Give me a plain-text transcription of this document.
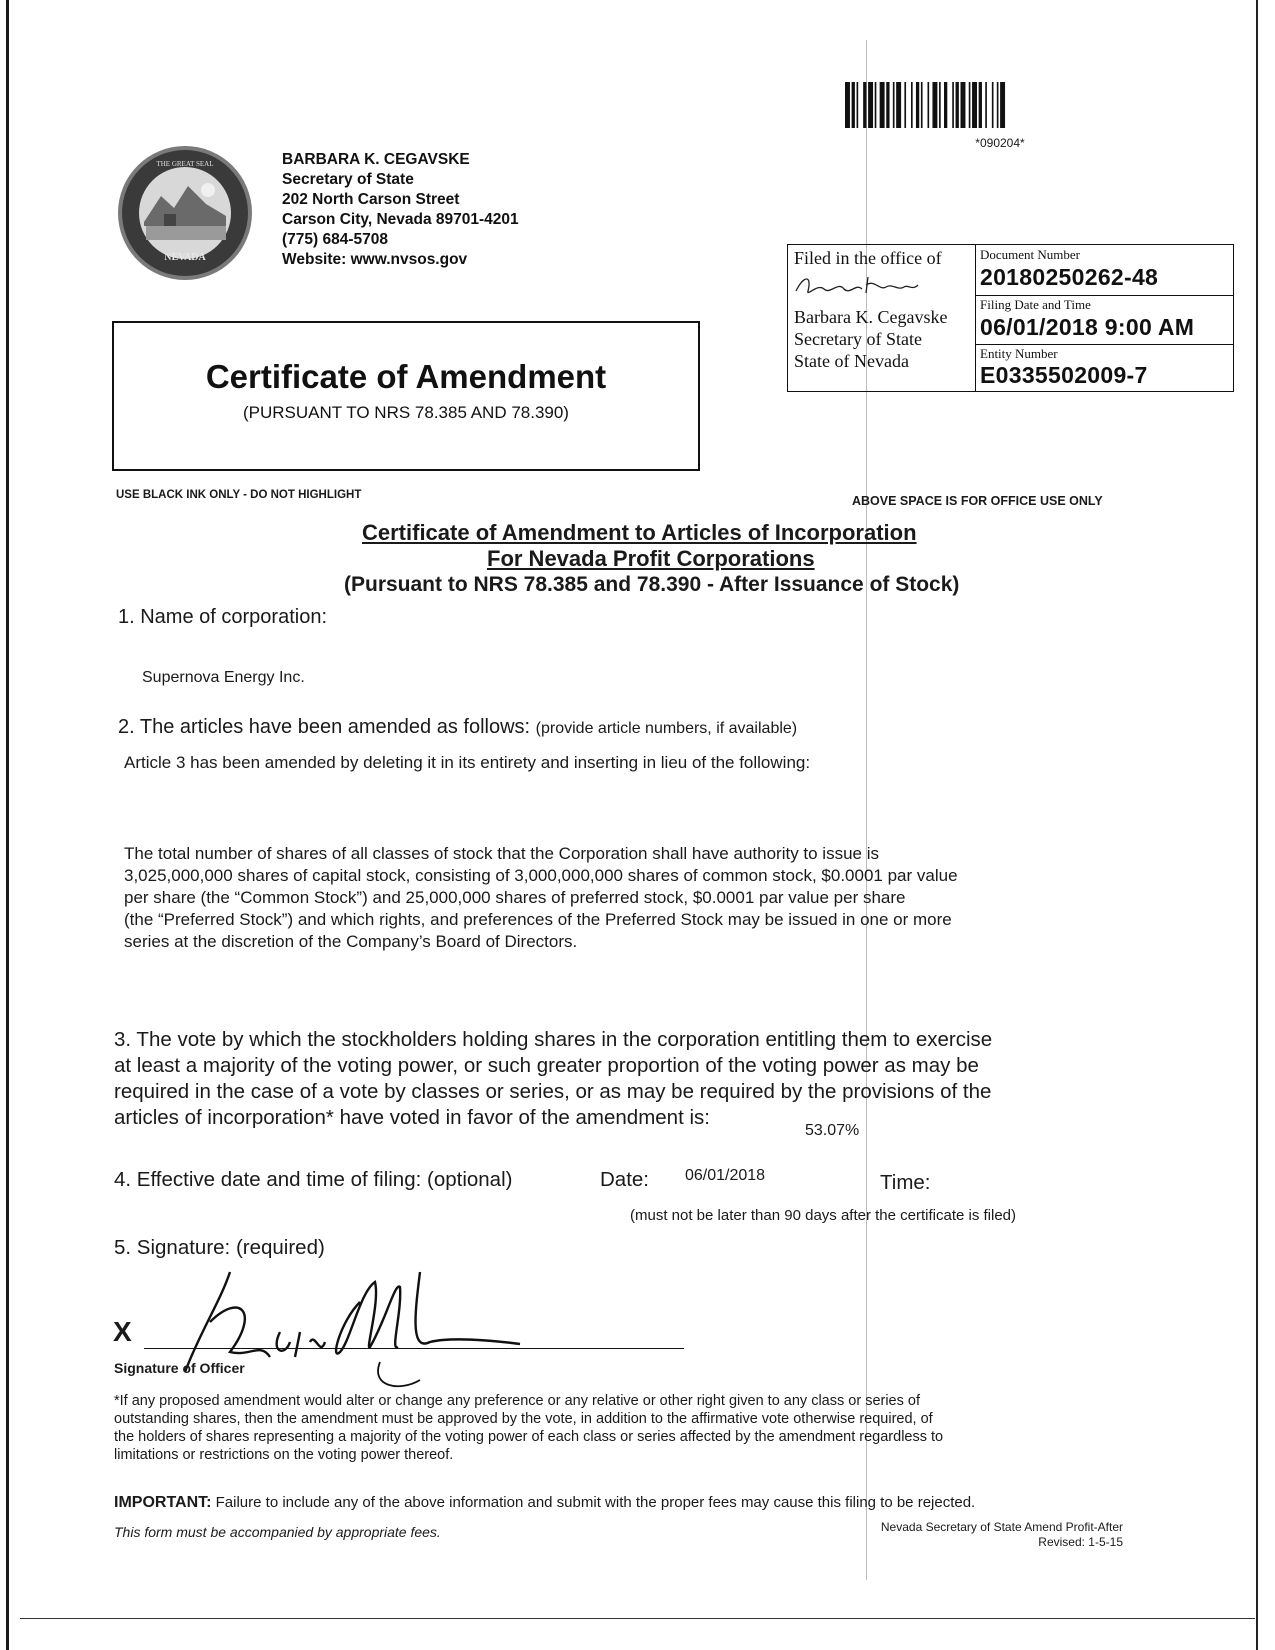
*090204*
NEVADA
THE GREAT SEAL	BARBARA K. CEGAVSKE
Secretary of State
202 North Carson Street
Carson City, Nevada 89701-4201
(775) 684-5708
Website: www.nvsos.gov	Filed in the office of
Barbara K. Cegavske
Secretary of State
State of Nevada
Document Number
20180250262-48
Filing Date and Time
06/01/2018 9:00 AM
Entity Number
E0335502009-7
Certificate of Amendment
(PURSUANT TO NRS 78.385 AND 78.390)
USE BLACK INK ONLY - DO NOT HIGHLIGHT	ABOVE SPACE IS FOR OFFICE USE ONLY
Certificate of Amendment to Articles of Incorporation
For Nevada Profit Corporations
(Pursuant to NRS 78.385 and 78.390 - After Issuance of Stock)
1. Name of corporation:
Supernova Energy Inc.
2. The articles have been amended as follows: (provide article numbers, if available)
Article 3 has been amended by deleting it in its entirety and inserting in lieu of the following:
The total number of shares of all classes of stock that the Corporation shall have authority to issue is
3,025,000,000 shares of capital stock, consisting of 3,000,000,000 shares of common stock, $0.0001 par value
per share (the “Common Stock”) and 25,000,000 shares of preferred stock, $0.0001 par value per share
(the “Preferred Stock”) and which rights, and preferences of the Preferred Stock may be issued in one or more
series at the discretion of the Company’s Board of Directors.
3. The vote by which the stockholders holding shares in the corporation entitling them to exercise
at least a majority of the voting power, or such greater proportion of the voting power as may be
required in the case of a vote by classes or series, or as may be required by the provisions of the
articles of incorporation* have voted in favor of the amendment is:
53.07%
4. Effective date and time of filing: (optional)	Date: 06/01/2018	Time:
(must not be later than 90 days after the certificate is filed)
5. Signature: (required)
X
Signature of Officer
*If any proposed amendment would alter or change any preference or any relative or other right given to any class or series of
outstanding shares, then the amendment must be approved by the vote, in addition to the affirmative vote otherwise required, of
the holders of shares representing a majority of the voting power of each class or series affected by the amendment regardless to
limitations or restrictions on the voting power thereof.
IMPORTANT: Failure to include any of the above information and submit with the proper fees may cause this filing to be rejected.
This form must be accompanied by appropriate fees.	Nevada Secretary of State Amend Profit-After
Revised: 1-5-15
